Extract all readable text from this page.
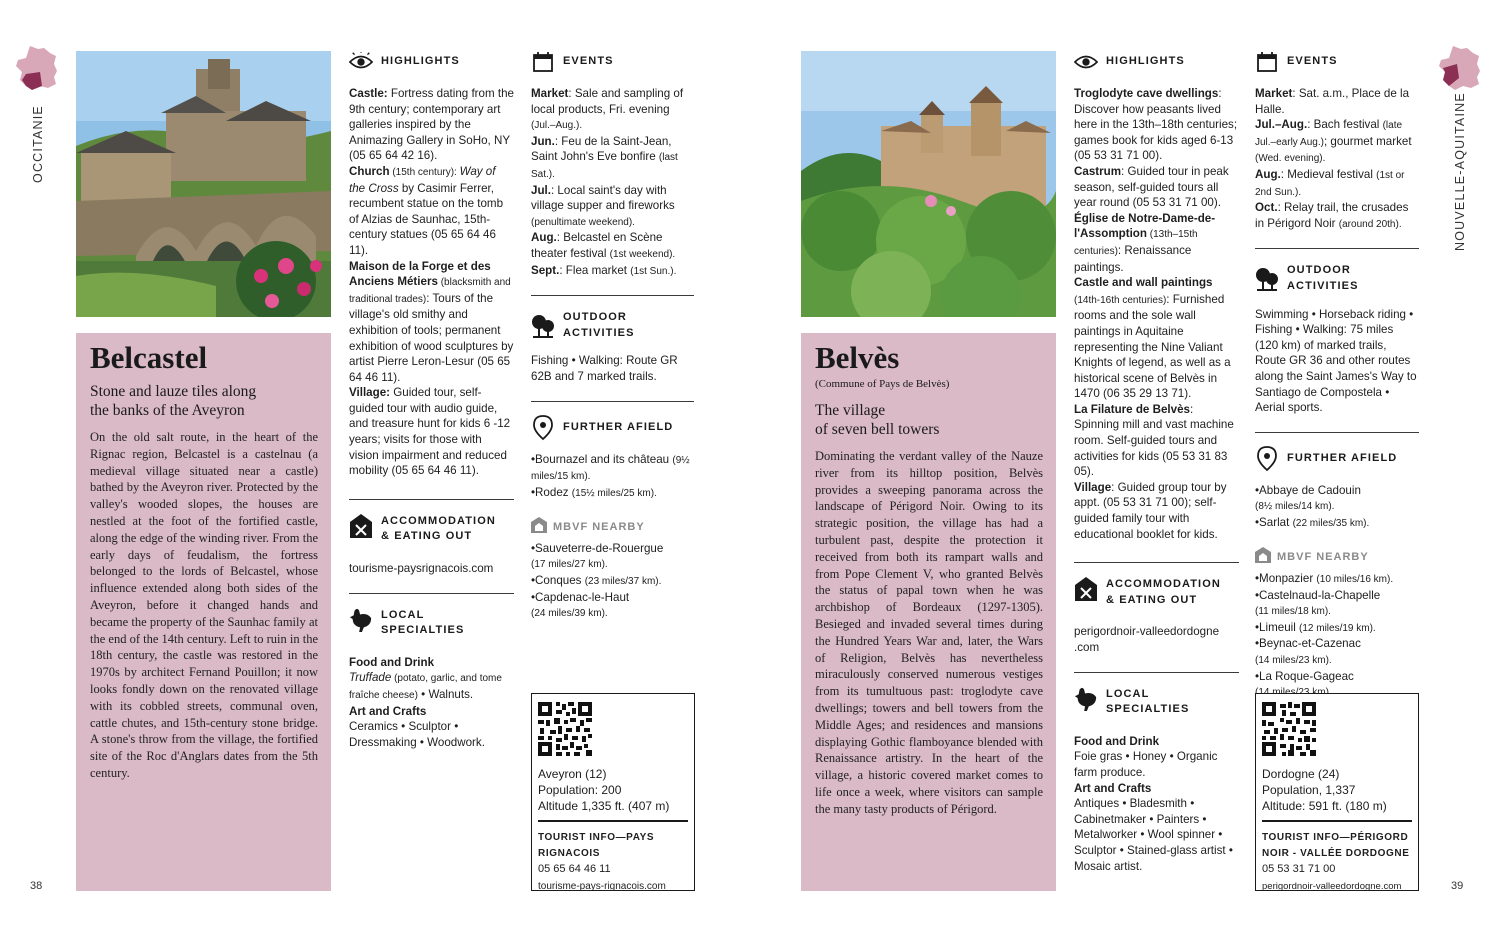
OCCITANIE
38
Belcastel

Stone and lauze tiles along
the banks of the Aveyron

On the old salt route, in the heart of the Rignac region, Belcastel is a castelnau (a medieval village situated near a castle) bathed by the Aveyron river. Protected by the valley's wooded slopes, the houses are nestled at the foot of the fortified castle, along the edge of the winding river. From the early days of feudalism, the fortress belonged to the lords of Belcastel, whose influence extended along both sides of the Aveyron, before it changed hands and became the property of the Saunhac family at the end of the 14th century. Left to ruin in the 18th century, the castle was restored in the 1970s by architect Fernand Pouillon; it now looks fondly down on the renovated village with its cobbled streets, communal oven, cattle chutes, and 15th-century stone bridge. A stone's throw from the village, the fortified site of the Roc d'Anglars dates from the 5th century.

HIGHLIGHTS

Castle: Fortress dating from the 9th century; contemporary art galleries inspired by the Animazing Gallery in SoHo, NY (05 65 64 42 16).

Church (15th century): Way of the Cross by Casimir Ferrer, recumbent statue on the tomb of Alzias de Saunhac, 15th-century statues (05 65 64 46 11).

Maison de la Forge et des Anciens Métiers (blacksmith and traditional trades): Tours of the village's old smithy and exhibition of tools; permanent exhibition of wood sculptures by artist Pierre Leron-Lesur (05 65 64 46 11).

Village: Guided tour, self-guided tour with audio guide, and treasure hunt for kids 6 -12 years; visits for those with vision impairment and reduced mobility (05 65 64 46 11).

ACCOMMODATION
& EATING OUT
tourisme-paysrignacois.com
LOCAL
SPECIALTIES

Food and Drink

Truffade (potato, garlic, and tome fraîche cheese) • Walnuts.

Art and Crafts

Ceramics • Sculptor • Dressmaking • Woodwork.

EVENTS

Market: Sale and sampling of local products, Fri. evening (Jul.–Aug.).

Jun.: Feu de la Saint-Jean, Saint John's Eve bonfire (last Sat.).

Jul.: Local saint's day with village supper and fireworks (penultimate weekend).

Aug.: Belcastel en Scène theater festival (1st weekend).

Sept.: Flea market (1st Sun.).

OUTDOOR ACTIVITIES
Fishing • Walking: Route GR 62B and 7 marked trails.
FURTHER AFIELD

•Bournazel and its château (9½ miles/15 km).

•Rodez (15½ miles/25 km).

MBVF NEARBY

•Sauveterre-de-Rouergue
(17 miles/27 km).

•Conques (23 miles/37 km).

•Capdenac-le-Haut
(24 miles/39 km).

Aveyron (12)
Population: 200
Altitude 1,335 ft. (407 m)
TOURIST INFO—PAYS
RIGNACOIS
05 65 64 46 11
tourisme-pays-rignacois.com
Belvès
(Commune of Pays de Belvès)

The village
of seven bell towers

Dominating the verdant valley of the Nauze river from its hilltop position, Belvès provides a sweeping panorama across the landscape of Périgord Noir. Owing to its strategic position, the village has had a turbulent past, despite the protection it received from both its rampart walls and from Pope Clement V, who granted Belvès the status of papal town when he was archbishop of Bordeaux (1297-1305). Besieged and invaded several times during the Hundred Years War and, later, the Wars of Religion, Belvès has nevertheless miraculously conserved numerous vestiges from its tumultuous past: troglodyte cave dwellings; towers and bell towers from the Middle Ages; and residences and mansions displaying Gothic flamboyance blended with Renaissance artistry. In the heart of the village, a historic covered market comes to life once a week, where visitors can sample the many tasty products of Périgord.

HIGHLIGHTS

Troglodyte cave dwellings: Discover how peasants lived here in the 13th–18th centuries; games book for kids aged 6-13 (05 53 31 71 00).

Castrum: Guided tour in peak season, self-guided tours all year round (05 53 31 71 00).

Église de Notre-Dame-de-l'Assomption (13th–15th centuries): Renaissance paintings.

Castle and wall paintings (14th-16th centuries): Furnished rooms and the sole wall paintings in Aquitaine representing the Nine Valiant Knights of legend, as well as a historical scene of Belvès in 1470 (06 35 29 13 71).

La Filature de Belvès: Spinning mill and vast machine room. Self-guided tours and activities for kids (05 53 31 83 05).

Village: Guided group tour by appt. (05 53 31 71 00); self-guided family tour with educational booklet for kids.

ACCOMMODATION
& EATING OUT
perigordnoir-valleedordogne
.com
LOCAL
SPECIALTIES

Food and Drink

Foie gras • Honey • Organic farm produce.

Art and Crafts

Antiques • Bladesmith • Cabinetmaker • Painters • Metalworker • Wool spinner • Sculptor • Stained-glass artist • Mosaic artist.

EVENTS

Market: Sat. a.m., Place de la Halle.

Jul.–Aug.: Bach festival (late Jul.–early Aug.); gourmet market (Wed. evening).

Aug.: Medieval festival (1st or 2nd Sun.).

Oct.: Relay trail, the crusades in Périgord Noir (around 20th).

OUTDOOR ACTIVITIES
Swimming • Horseback riding • Fishing • Walking: 75 miles (120 km) of marked trails, Route GR 36 and other routes along the Saint James's Way to Santiago de Compostela • Aerial sports.
FURTHER AFIELD

•Abbaye de Cadouin
(8½ miles/14 km).

•Sarlat (22 miles/35 km).

MBVF NEARBY

•Monpazier (10 miles/16 km).

•Castelnaud-la-Chapelle
(11 miles/18 km).

•Limeuil (12 miles/19 km).

•Beynac-et-Cazenac
(14 miles/23 km).

•La Roque-Gageac

Dordogne (24)
Population, 1,337
Altitude: 591 ft. (180 m)
TOURIST INFO—PÉRIGORD
NOIR - VALLÉE DORDOGNE
05 53 31 71 00
perigordnoir-valleedordogne.com
NOUVELLE-AQUITAINE
39
